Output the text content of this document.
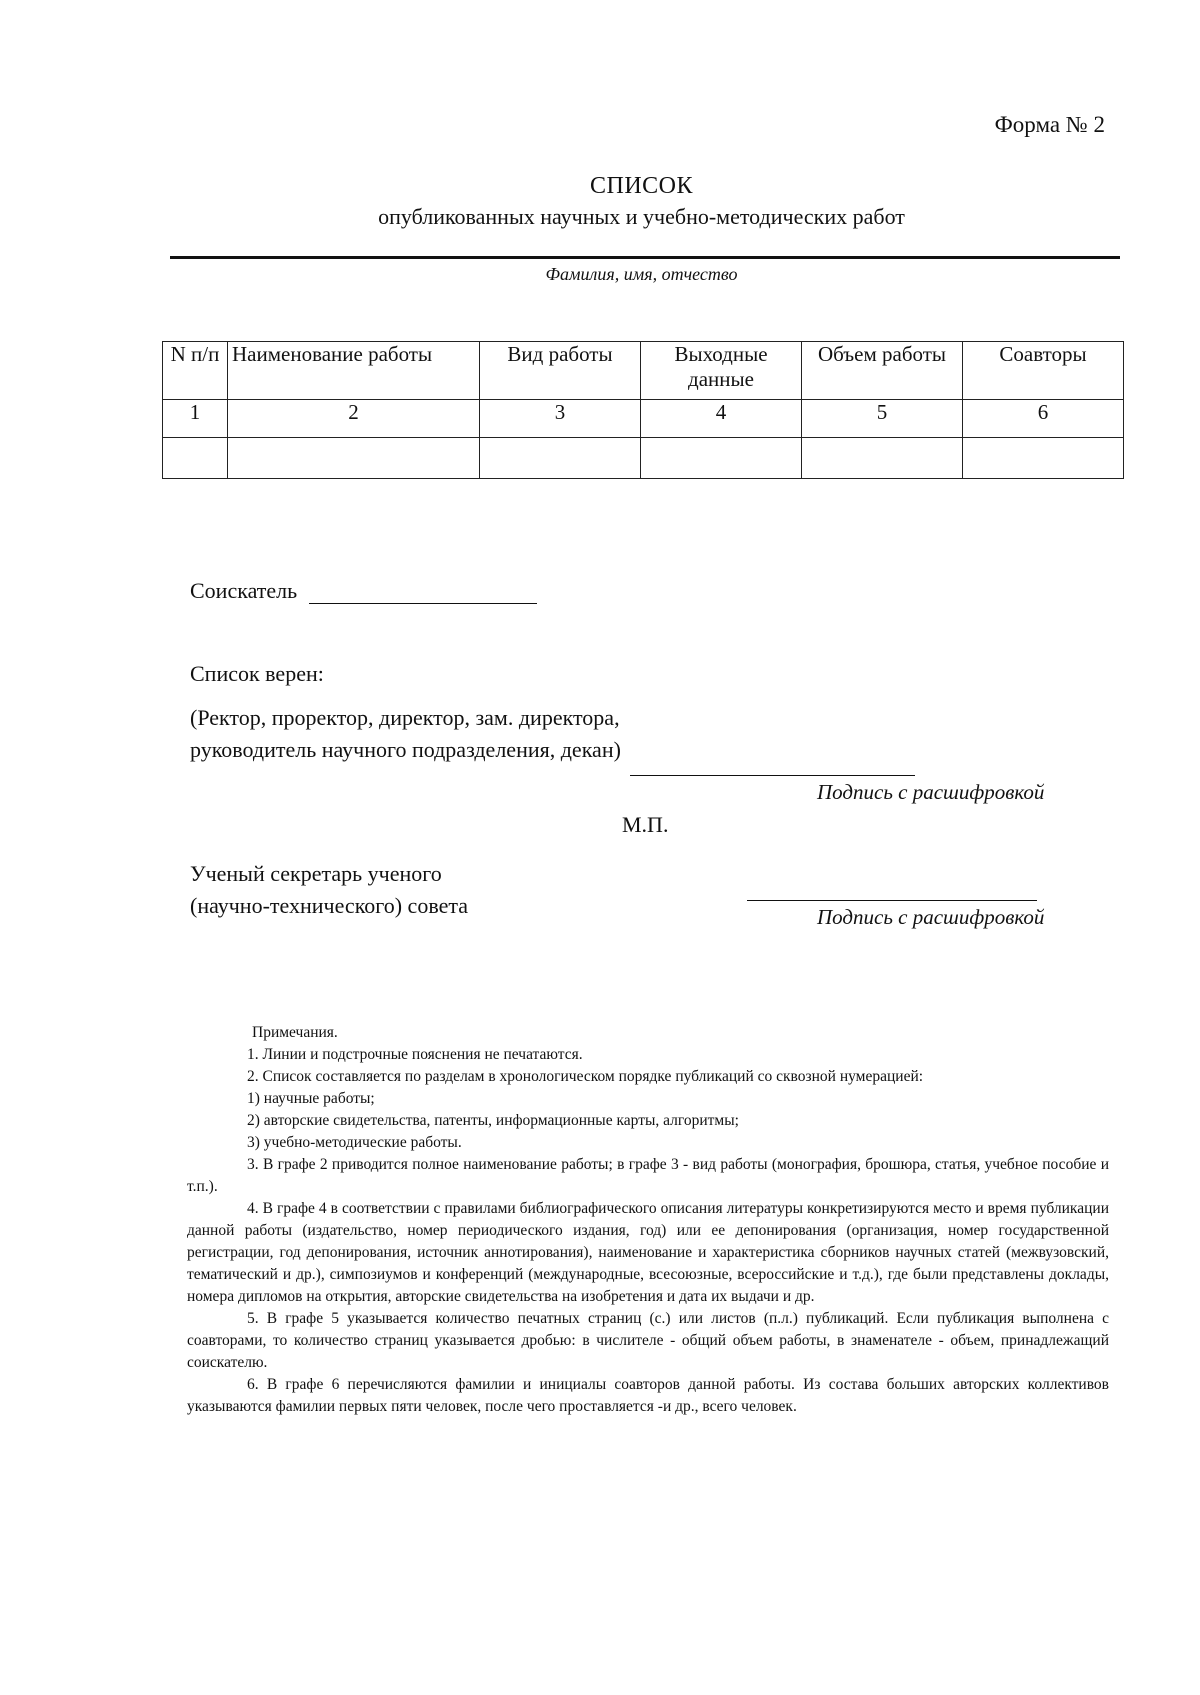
Форма № 2
СПИСОК
опубликованных научных и учебно-методических работ
Фамилия, имя, отчество
N п/п	Наименование работы	Вид работы	Выходные данные	Объем работы	Соавторы
1	2	3	4	5	6

Соискатель
Список верен:
(Ректор, проректор, директор, зам. директора,
руководитель научного подразделения, декан)
Подпись с расшифровкой
М.П.
Ученый секретарь ученого
(научно-технического) совета	Подпись с расшифровкой

Примечания.

1. Линии и подстрочные пояснения не печатаются.

2. Список составляется по разделам в хронологическом порядке публикаций со сквозной нумерацией:

1) научные работы;

2) авторские свидетельства, патенты, информационные карты, алгоритмы;

3) учебно-методические работы.

3. В графе 2 приводится полное наименование работы; в графе 3 - вид работы (монография, брошюра, статья, учебное пособие и т.п.).

4. В графе 4 в соответствии с правилами библиографического описания литературы конкретизируются место и время публикации данной работы (издательство, номер периодического издания, год) или ее депонирования (организация, номер государственной регистрации, год депонирования, источник аннотирования), наименование и характеристика сборников научных статей (межвузовский, тематический и др.), симпозиумов и конференций (международные, всесоюзные, всероссийские и т.д.), где были представлены доклады, номера дипломов на открытия, авторские свидетельства на изобретения и дата их выдачи и др.

5. В графе 5 указывается количество печатных страниц (с.) или листов (п.л.) публикаций. Если публикация выполнена с соавторами, то количество страниц указывается дробью: в числителе - общий объем работы, в знаменателе - объем, принадлежащий соискателю.

6. В графе 6 перечисляются фамилии и инициалы соавторов данной работы. Из состава больших авторских коллективов указываются фамилии первых пяти человек, после чего проставляется -и др., всего человек.
